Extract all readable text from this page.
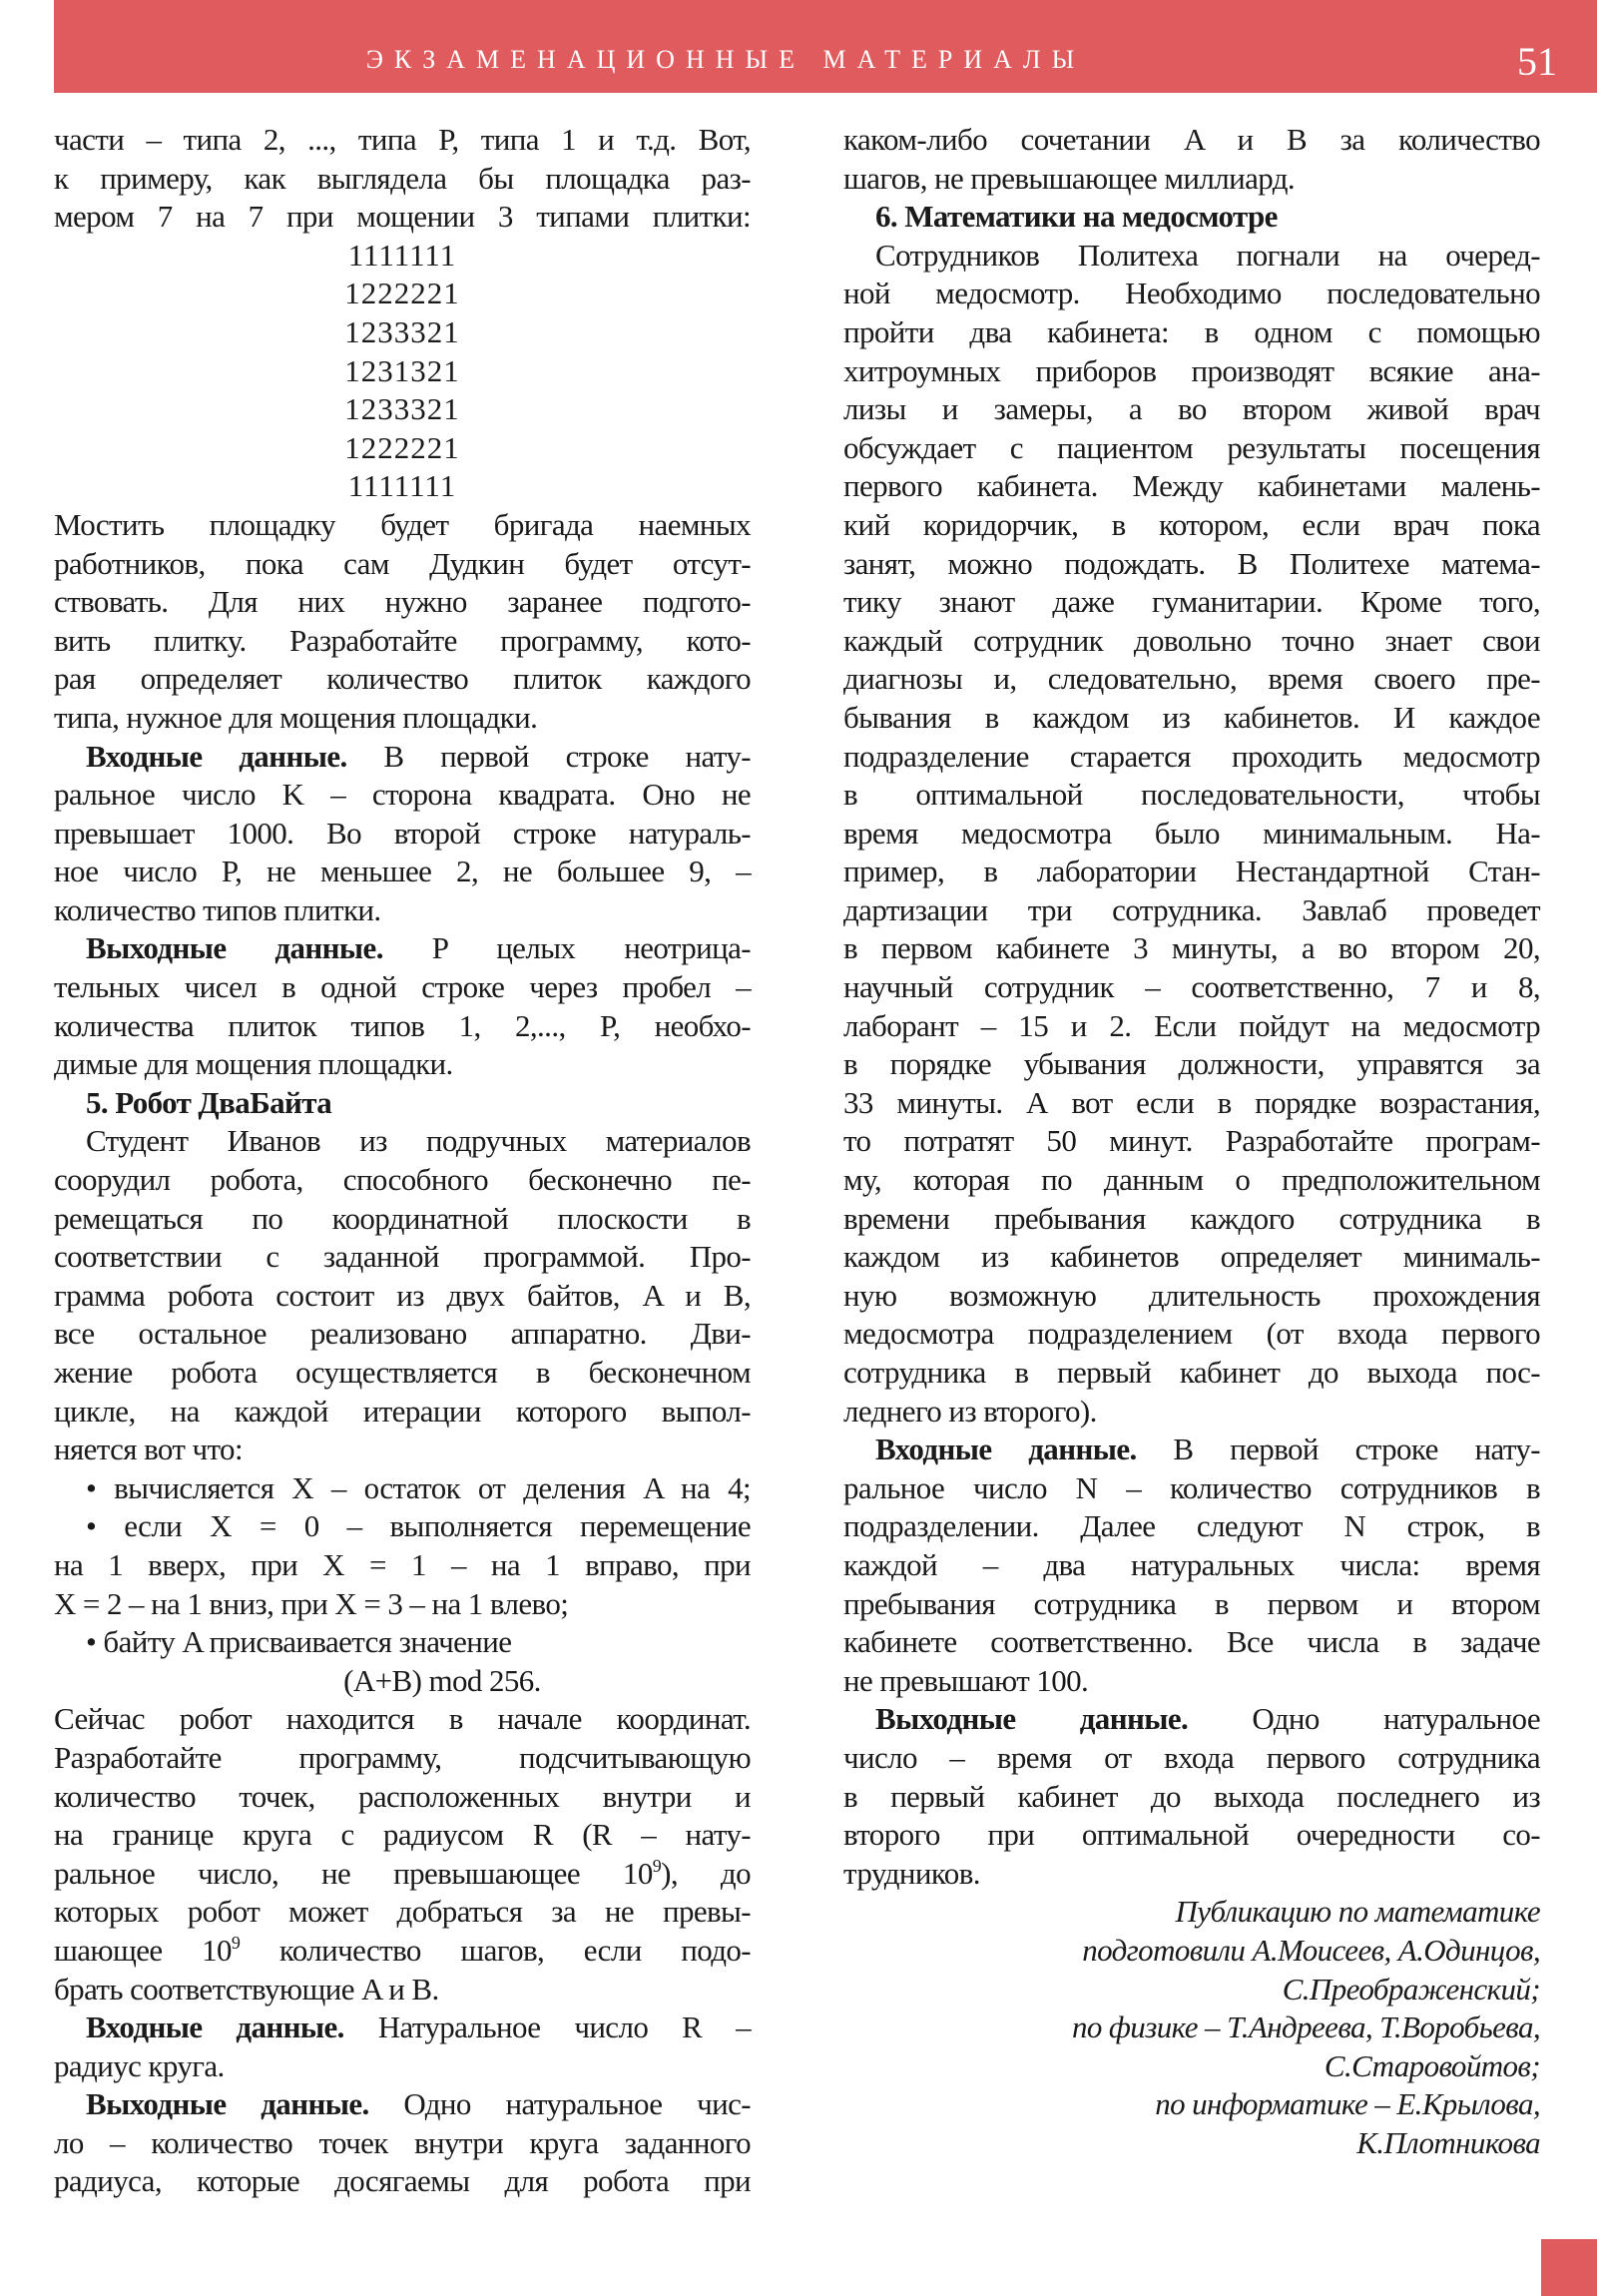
ЭКЗАМЕНАЦИОННЫЕ МАТЕРИАЛЫ	51
части – типа 2, ..., типа P, типа 1 и т.д. Вот,
к примеру, как выглядела бы площадка раз-
мером 7 на 7 при мощении 3 типами плитки:
1111111
1222221
1233321
1231321
1233321
1222221
1111111
Мостить площадку будет бригада наемных
работников, пока сам Дудкин будет отсут-
ствовать. Для них нужно заранее подгото-
вить плитку. Разработайте программу, кото-
рая определяет количество плиток каждого
типа, нужное для мощения площадки.
Входные данные. В первой строке нату-
ральное число K – сторона квадрата. Оно не
превышает 1000. Во второй строке натураль-
ное число P, не меньшее 2, не большее 9, –
количество типов плитки.
Выходные данные. P целых неотрица-
тельных чисел в одной строке через пробел –
количества плиток типов 1, 2,..., P, необхо-
димые для мощения площадки.
5. Робот ДваБайта
Студент Иванов из подручных материалов
соорудил робота, способного бесконечно пе-
ремещаться по координатной плоскости в
соответствии с заданной программой. Про-
грамма робота состоит из двух байтов, A и B,
все остальное реализовано аппаратно. Дви-
жение робота осуществляется в бесконечном
цикле, на каждой итерации которого выпол-
няется вот что:
• вычисляется X – остаток от деления A на 4;
• если X = 0 – выполняется перемещение
на 1 вверх, при X = 1 – на 1 вправо, при
X = 2 – на 1 вниз, при X = 3 – на 1 влево;
• байту A присваивается значение
(A+B) mod 256.
Сейчас робот находится в начале координат.
Разработайте программу, подсчитывающую
количество точек, расположенных внутри и
на границе круга с радиусом R (R – нату-
ральное число, не превышающее $10^9$), до
которых робот может добраться за не превы-
шающее $10^9$ количество шагов, если подо-
брать соответствующие A и B.
Входные данные. Натуральное число R –
радиус круга.
Выходные данные. Одно натуральное чис-
ло – количество точек внутри круга заданного
радиуса, которые досягаемы для робота при
каком-либо сочетании A и B за количество
шагов, не превышающее миллиард.
6. Математики на медосмотре
Сотрудников Политеха погнали на очеред-
ной медосмотр. Необходимо последовательно
пройти два кабинета: в одном с помощью
хитроумных приборов производят всякие ана-
лизы и замеры, а во втором живой врач
обсуждает с пациентом результаты посещения
первого кабинета. Между кабинетами малень-
кий коридорчик, в котором, если врач пока
занят, можно подождать. В Политехе матема-
тику знают даже гуманитарии. Кроме того,
каждый сотрудник довольно точно знает свои
диагнозы и, следовательно, время своего пре-
бывания в каждом из кабинетов. И каждое
подразделение старается проходить медосмотр
в оптимальной последовательности, чтобы
время медосмотра было минимальным. На-
пример, в лаборатории Нестандартной Стан-
дартизации три сотрудника. Завлаб проведет
в первом кабинете 3 минуты, а во втором 20,
научный сотрудник – соответственно, 7 и 8,
лаборант – 15 и 2. Если пойдут на медосмотр
в порядке убывания должности, управятся за
33 минуты. А вот если в порядке возрастания,
то потратят 50 минут. Разработайте програм-
му, которая по данным о предположительном
времени пребывания каждого сотрудника в
каждом из кабинетов определяет минималь-
ную возможную длительность прохождения
медосмотра подразделением (от входа первого
сотрудника в первый кабинет до выхода пос-
леднего из второго).
Входные данные. В первой строке нату-
ральное число N – количество сотрудников в
подразделении. Далее следуют N строк, в
каждой – два натуральных числа: время
пребывания сотрудника в первом и втором
кабинете соответственно. Все числа в задаче
не превышают 100.
Выходные данные. Одно натуральное
число – время от входа первого сотрудника
в первый кабинет до выхода последнего из
второго при оптимальной очередности со-
трудников.
Публикацию по математике
подготовили А.Моисеев, А.Одинцов,
С.Преображенский;
по физике – Т.Андреева, Т.Воробьева,
С.Старовойтов;
по информатике – Е.Крылова,
К.Плотникова
